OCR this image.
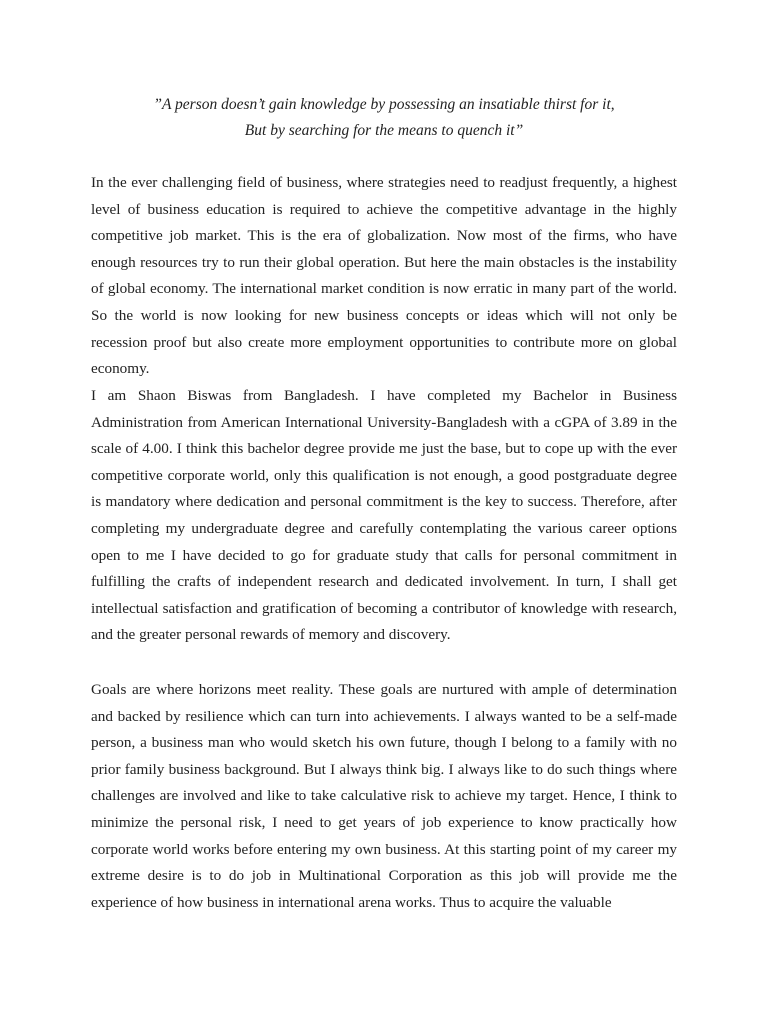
”A person doesn’t gain knowledge by possessing an insatiable thirst for it,
But by searching for the means to quench it”
In the ever challenging field of business, where strategies need to readjust frequently, a highest level of business education is required to achieve the competitive advantage in the highly competitive job market. This is the era of globalization. Now most of the firms, who have enough resources try to run their global operation. But here the main obstacles is the instability of global economy. The international market condition is now erratic in many part of the world. So the world is now looking for new business concepts or ideas which will not only be recession proof but also create more employment opportunities to contribute more on global economy.
I am Shaon Biswas from Bangladesh. I have completed my Bachelor in Business Administration from American International University-Bangladesh with a cGPA of 3.89 in the scale of 4.00. I think this bachelor degree provide me just the base, but to cope up with the ever competitive corporate world, only this qualification is not enough, a good postgraduate degree is mandatory where dedication and personal commitment is the key to success. Therefore, after completing my undergraduate degree and carefully contemplating the various career options open to me I have decided to go for graduate study that calls for personal commitment in fulfilling the crafts of independent research and dedicated involvement. In turn, I shall get intellectual satisfaction and gratification of becoming a contributor of knowledge with research, and the greater personal rewards of memory and discovery.
Goals are where horizons meet reality. These goals are nurtured with ample of determination and backed by resilience which can turn into achievements. I always wanted to be a self-made person, a business man who would sketch his own future, though I belong to a family with no prior family business background. But I always think big. I always like to do such things where challenges are involved and like to take calculative risk to achieve my target. Hence, I think to minimize the personal risk, I need to get years of job experience to know practically how corporate world works before entering my own business. At this starting point of my career my extreme desire is to do job in Multinational Corporation as this job will provide me the experience of how business in international arena works. Thus to acquire the valuable
